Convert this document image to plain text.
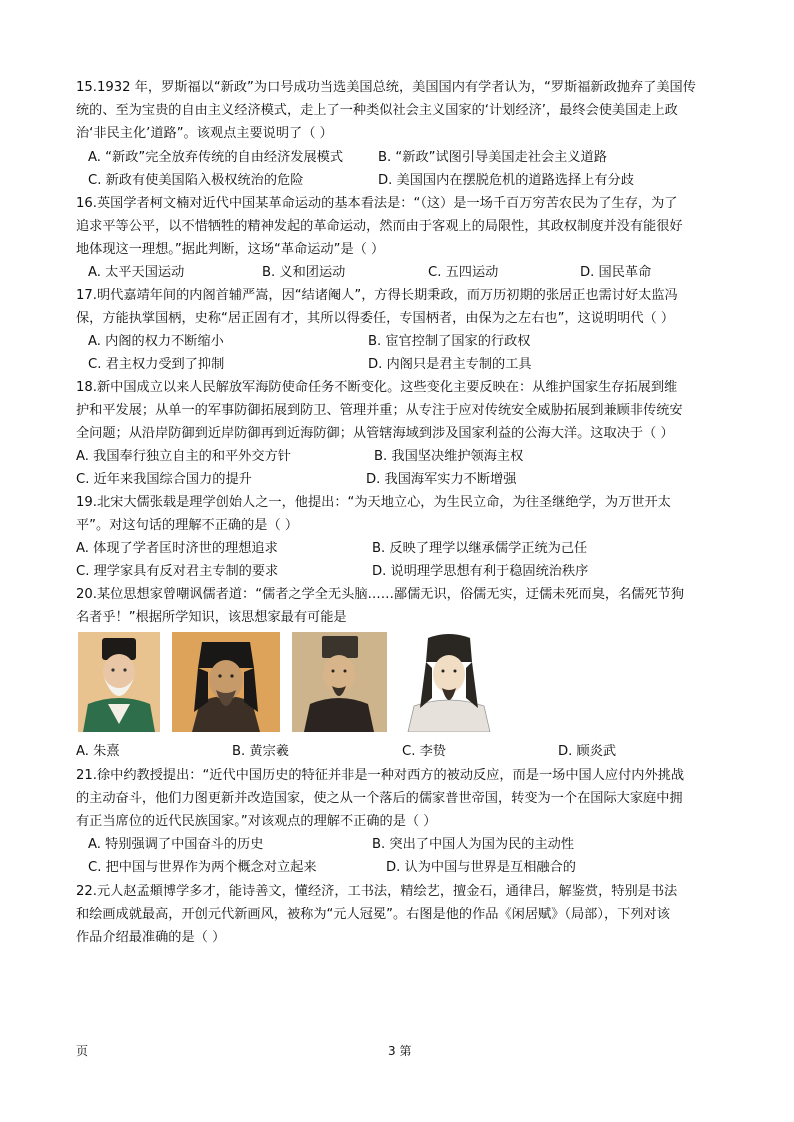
15.1932 年，罗斯福以“新政”为口号成功当选美国总统，美国国内有学者认为，“罗斯福新政抛弃了美国传
统的、至为宝贵的自由主义经济模式，走上了一种类似社会主义国家的‘计划经济’，最终会使美国走上政
治‘非民主化’道路”。该观点主要说明了（ ）
A. “新政”完全放弃传统的自由经济发展模式	B. “新政”试图引导美国走社会主义道路
C. 新政有使美国陷入极权统治的危险	D. 美国国内在摆脱危机的道路选择上有分歧
16.英国学者柯文楠对近代中国某革命运动的基本看法是：“（这）是一场千百万穷苦农民为了生存，为了
追求平等公平，以不惜牺牲的精神发起的革命运动，然而由于客观上的局限性，其政权制度并没有能很好
地体现这一理想。”据此判断，这场“革命运动”是（ ）
A. 太平天国运动	B. 义和团运动	C. 五四运动	D. 国民革命
17.明代嘉靖年间的内阁首辅严嵩，因“结诸阉人”，方得长期秉政，而万历初期的张居正也需讨好太监冯
保，方能执掌国柄，史称“居正固有才，其所以得委任，专国柄者，由保为之左右也”，这说明明代（ ）
A. 内阁的权力不断缩小	B. 宦官控制了国家的行政权
C. 君主权力受到了抑制	D. 内阁只是君主专制的工具
18.新中国成立以来人民解放军海防使命任务不断变化。这些变化主要反映在：从维护国家生存拓展到维
护和平发展；从单一的军事防御拓展到防卫、管理并重；从专注于应对传统安全威胁拓展到兼顾非传统安
全问题；从沿岸防御到近岸防御再到近海防御；从管辖海域到涉及国家利益的公海大洋。这取决于（ ）
A. 我国奉行独立自主的和平外交方针	B. 我国坚决维护领海主权
C. 近年来我国综合国力的提升	D. 我国海军实力不断增强
19.北宋大儒张载是理学创始人之一，他提出：“为天地立心，为生民立命，为往圣继绝学，为万世开太
平”。对这句话的理解不正确的是（ ）
A. 体现了学者匡时济世的理想追求	B. 反映了理学以继承儒学正统为己任
C. 理学家具有反对君主专制的要求	D. 说明理学思想有利于稳固统治秩序
20.某位思想家曾嘲讽儒者道：“儒者之学全无头脑……鄙儒无识，俗儒无实，迂儒未死而臭，名儒死节狗
名者乎！”根据所学知识，该思想家最有可能是
A. 朱熹	B. 黄宗羲	C. 李贽	D. 顾炎武
21.徐中约教授提出：“近代中国历史的特征并非是一种对西方的被动反应，而是一场中国人应付内外挑战
的主动奋斗，他们力图更新并改造国家，使之从一个落后的儒家普世帝国，转变为一个在国际大家庭中拥
有正当席位的近代民族国家。”对该观点的理解不正确的是（ ）
A. 特别强调了中国奋斗的历史	B. 突出了中国人为国为民的主动性
C. 把中国与世界作为两个概念对立起来	D. 认为中国与世界是互相融合的
22.元人赵孟頫博学多才，能诗善文，懂经济，工书法，精绘艺，擅金石，通律吕，解鉴赏，特别是书法
和绘画成就最高，开创元代新画风，被称为“元人冠冕”。右图是他的作品《闲居赋》（局部），下列对该
作品介绍最准确的是（ ）
页	3 第
